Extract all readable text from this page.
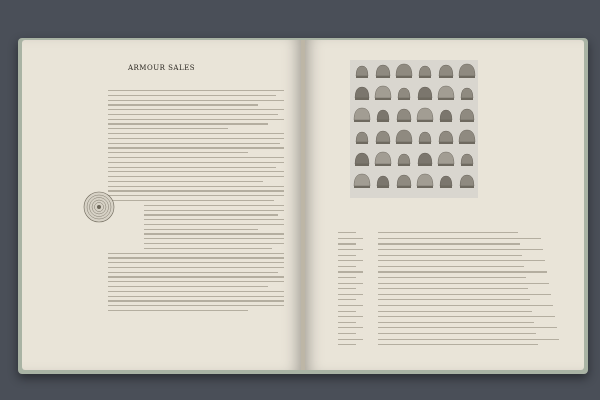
ARMOUR SALES
